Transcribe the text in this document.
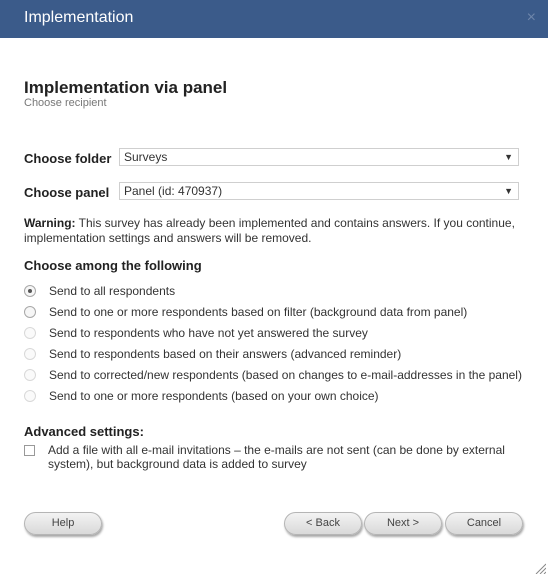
Implementation	×
Implementation via panel
Choose recipient
Choose folder	Surveys	▼
Choose panel	Panel (id: 470937)	▼
Warning: This survey has already been implemented and contains answers. If you continue, implementation settings and answers will be removed.
Choose among the following
Send to all respondents
Send to one or more respondents based on filter (background data from panel)
Send to respondents who have not yet answered the survey
Send to respondents based on their answers (advanced reminder)
Send to corrected/new respondents (based on changes to e-mail-addresses in the panel)
Send to one or more respondents (based on your own choice)
Advanced settings:
Add a file with all e-mail invitations – the e-mails are not sent (can be done by external system), but background data is added to survey
Help	< Back	Next >	Cancel
